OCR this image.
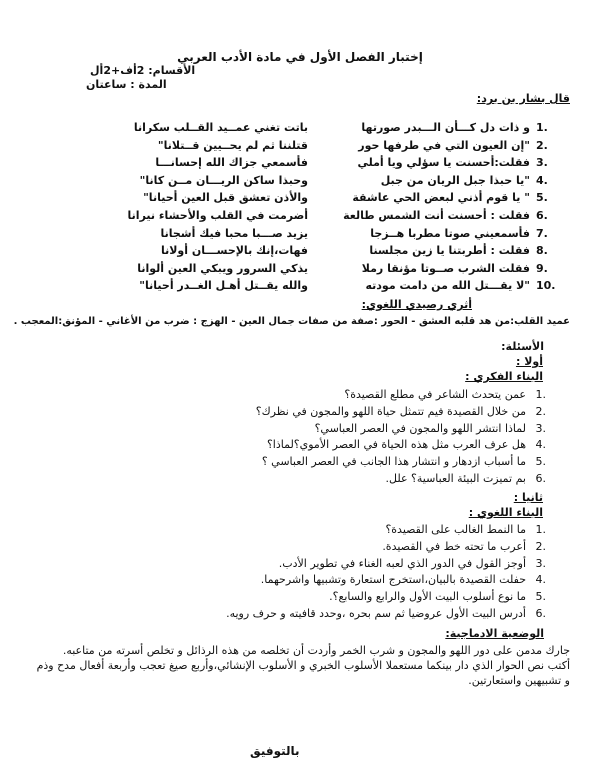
إختبار الفصل الأول في مادة الأدب العربي
الأقسام: 2أف+2أل
المدة : ساعتان
قال بشار بن برد:
1.
و ذات دل كـــأن الـــبدر صورتها
باتت تغني عمــيد القــلب سكرانا
2.
"إن العيون التي في طرفها حور
قتلننا ثم لم يحــيين قــتلانا"
3.
فقلت:أحسنت يا سؤلي ويا أملي
فأسمعي جزاك الله إحسانـــا
4.
"يا حبذا جبل الريان من جبل
وحبذا ساكن الريـــان مــن كانا"
5.
" يا قوم أذني لبعض الحي عاشقة
والأذن تعشق قبل العين أحيانا"
6.
فقلت : أحسنت أنت الشمس طالعة
أضرمت في القلب والأحشاء نيرانا
7.
فأسمعيني صوتا مطربا هــزجا
يزيد صـــبا محبا فيك أشجانا
8.
فقلت : أطربتنا يا زين مجلسنا
فهات،إنك بالإحســـان أولانا
9.
فقلت الشرب صــوتا مؤنقا رملا
يذكي السرور ويبكي العين ألوانا
10.
"لا يقـــتل الله من دامت مودته
والله يقــتل أهـل الغــدر أحيانا"
أثري رصيدي اللغوي:
عميد القلب:من هد قلبه العشق - الحور :صفة من صفات جمال العين - الهزج : ضرب من الأغاني - المؤنق:المعجب .
الأسئلة:
أولا :
البناء الفكري :
1.
عمن يتحدث الشاعر في مطلع القصيدة؟
2.
من خلال القصيدة فيم تتمثل حياة اللهو والمجون في نظرك؟
3.
لماذا انتشر اللهو والمجون في العصر العباسي؟
4.
هل عرف العرب مثل هذه الحياة في العصر الأموي؟لماذا؟
5.
ما أسباب ازدهار و انتشار هذا الجانب في العصر العباسي ؟
6.
بم تميزت البيئة العباسية؟ علل.
ثانيا :
البناء اللغوي :
1.
ما النمط الغالب على القصيدة؟
2.
أعرب ما تحته خط في القصيدة.
3.
أوجز القول في الدور الذي لعبه الغناء في تطوير الأدب.
4.
حفلت القصيدة بالبيان،استخرج استعارة وتشبيها واشرحهما.
5.
ما نوع أسلوب البيت الأول والرابع والسابع؟.
6.
أدرس البيت الأول عروضيا ثم سم بحره ،وحدد قافيته و حرف رويه.
الوضعية الادماجية:
جارك مدمن على دور اللهو والمجون و شرب الخمر وأردت أن تخلصه من هذه الرذائل و تخلص أسرته من متاعبه.
أكتب نص الحوار الذي دار بينكما مستعملا الأسلوب الخبري و الأسلوب الإنشائي،وأربع صيغ تعجب وأربعة أفعال مدح وذم
و تشبيهين واستعارتين.
بالتوفيق
